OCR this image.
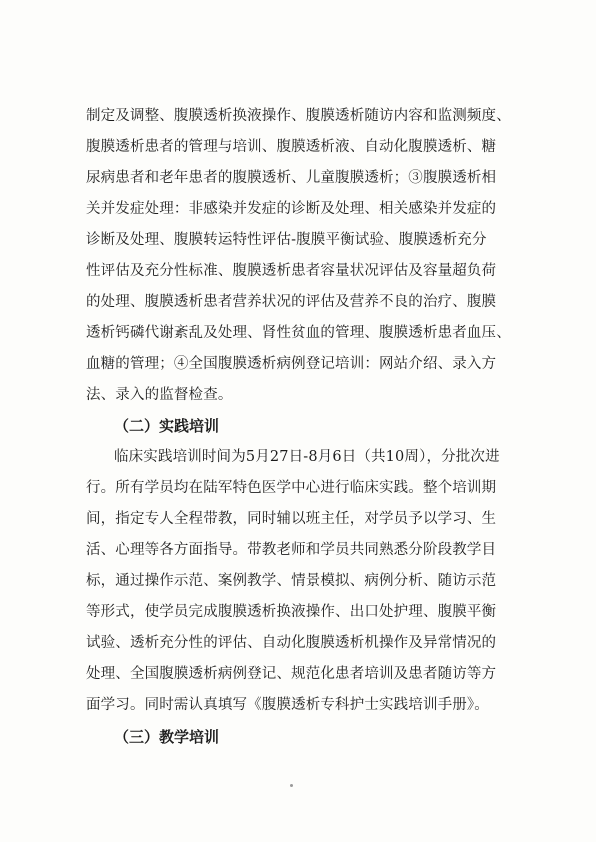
制定及调整、腹膜透析换液操作、腹膜透析随访内容和监测频度、
腹膜透析患者的管理与培训、腹膜透析液、自动化腹膜透析、糖
尿病患者和老年患者的腹膜透析、儿童腹膜透析；③腹膜透析相
关并发症处理：非感染并发症的诊断及处理、相关感染并发症的
诊断及处理、腹膜转运特性评估-腹膜平衡试验、腹膜透析充分
性评估及充分性标准、腹膜透析患者容量状况评估及容量超负荷
的处理、腹膜透析患者营养状况的评估及营养不良的治疗、腹膜
透析钙磷代谢紊乱及处理、肾性贫血的管理、腹膜透析患者血压、
血糖的管理；④全国腹膜透析病例登记培训：网站介绍、录入方
法、录入的监督检查。
（二）实践培训
临床实践培训时间为5月27日-8月6日（共10周），分批次进
行。所有学员均在陆军特色医学中心进行临床实践。整个培训期
间，指定专人全程带教，同时辅以班主任，对学员予以学习、生
活、心理等各方面指导。带教老师和学员共同熟悉分阶段教学目
标，通过操作示范、案例教学、情景模拟、病例分析、随访示范
等形式，使学员完成腹膜透析换液操作、出口处护理、腹膜平衡
试验、透析充分性的评估、自动化腹膜透析机操作及异常情况的
处理、全国腹膜透析病例登记、规范化患者培训及患者随访等方
面学习。同时需认真填写《腹膜透析专科护士实践培训手册》。
（三）教学培训
